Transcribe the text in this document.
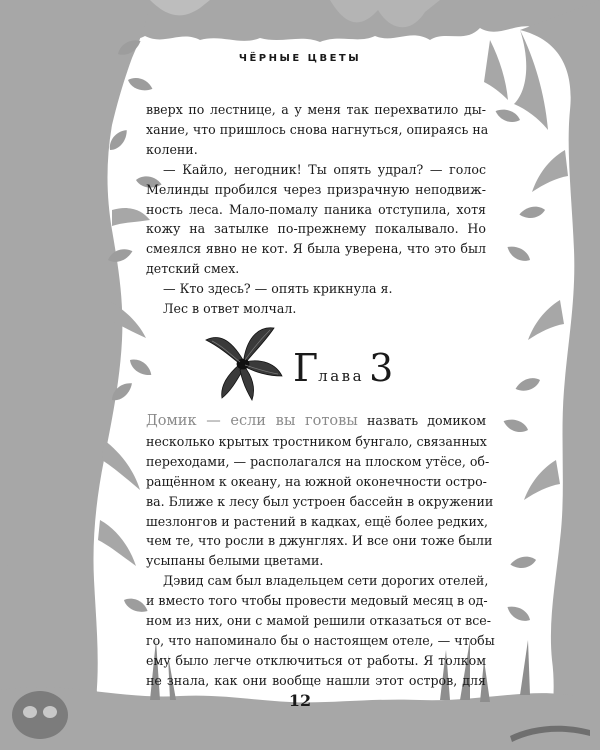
ЧЁРНЫЕ ЦВЕТЫ
вверх по лестнице, а у меня так перехватило ды-
хание, что пришлось снова нагнуться, опираясь на
колени.
— Кайло, негодник! Ты опять удрал? — голос
Мелинды пробился через призрачную неподвиж-
ность леса. Мало-помалу паника отступила, хотя
кожу на затылке по-прежнему покалывало. Но
смеялся явно не кот. Я была уверена, что это был
детский смех.
— Кто здесь? — опять крикнула я.
Лес в ответ молчал.
Глава 3
Домик — если вы готовы назвать домиком
несколько крытых тростником бунгало, связанных
переходами, — располагался на плоском утёсе, об-
ращённом к океану, на южной оконечности остро-
ва. Ближе к лесу был устроен бассейн в окружении
шезлонгов и растений в кадках, ещё более редких,
чем те, что росли в джунглях. И все они тоже были
усыпаны белыми цветами.
Дэвид сам был владельцем сети дорогих отелей,
и вместо того чтобы провести медовый месяц в од-
ном из них, они с мамой решили отказаться от все-
го, что напоминало бы о настоящем отеле, — чтобы
ему было легче отключиться от работы. Я толком
не знала, как они вообще нашли этот остров, для
12
